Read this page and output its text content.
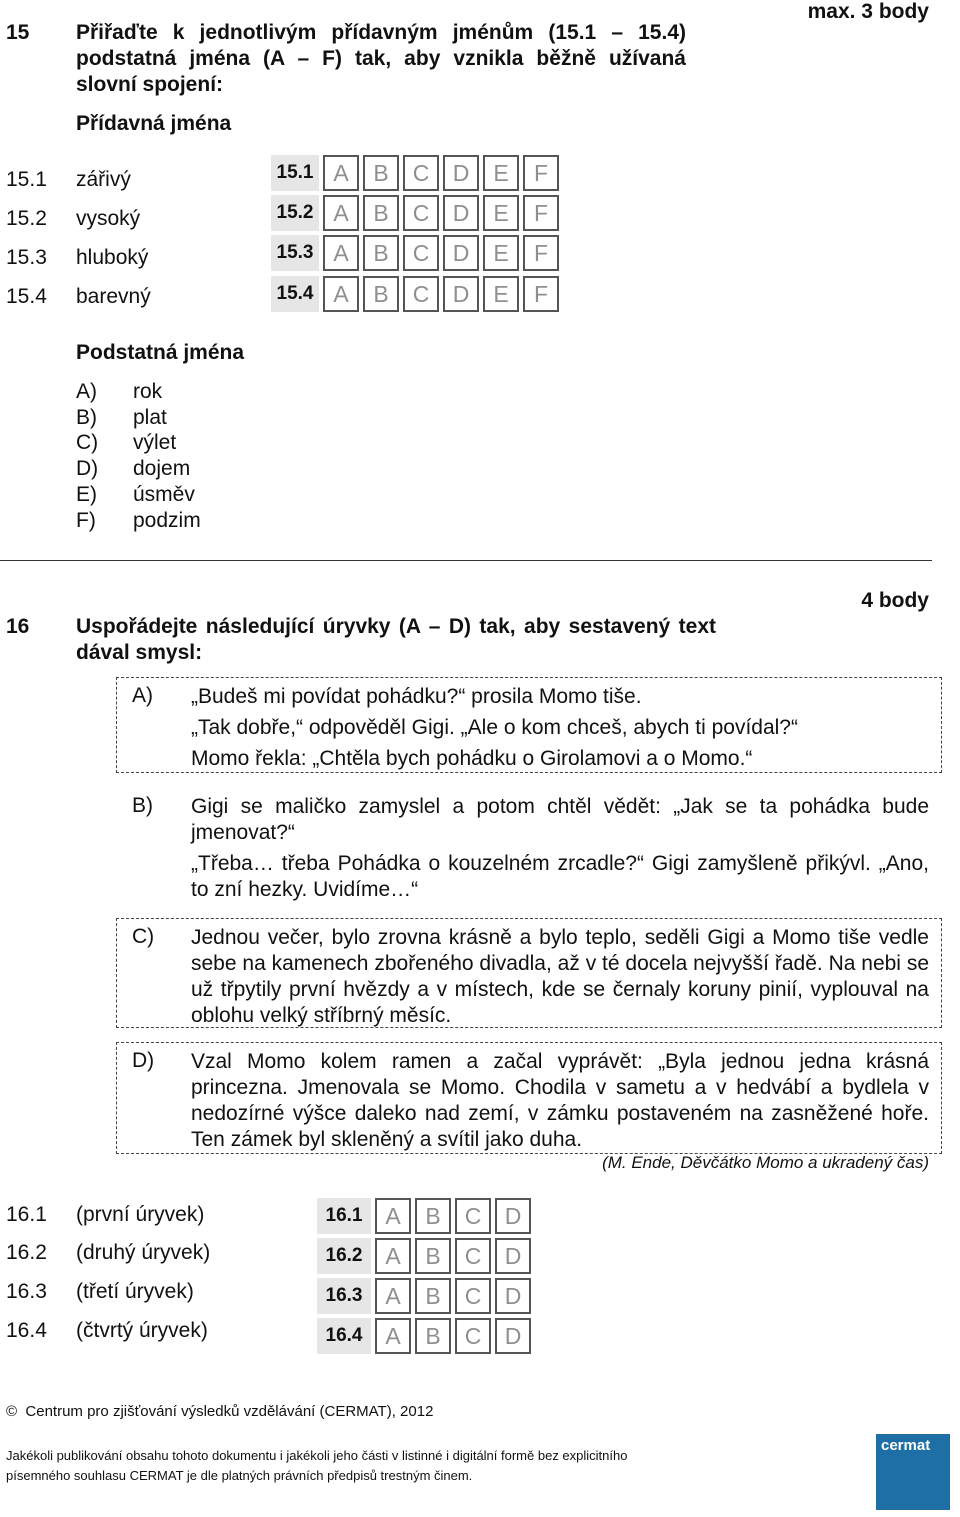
15 Přiřaďte k jednotlivým přídavným jménům (15.1 – 15.4) podstatná jména (A – F) tak, aby vznikla běžně užívaná slovní spojení:
max. 3 body
Přídavná jména
15.1 zářivý
15.2 vysoký
15.3 hluboký
15.4 barevný
15.1 A	B	C	D	E	F
15.2 A	B	C	D	E	F
15.3 A	B	C	D	E	F
15.4 A	B	C	D	E	F
Podstatná jména
A) rok
B) plat
C) výlet
D) dojem
E) úsměv
F) podzim
4 body
16 Uspořádejte následující úryvky (A – D) tak, aby sestavený text dával smysl:
A) „Budeš mi povídat pohádku?“ prosila Momo tiše.

„Tak dobře,“ odpověděl Gigi. „Ale o kom chceš, abych ti povídal?“

Momo řekla: „Chtěla bych pohádku o Girolamovi a o Momo.“

B) Gigi se maličko zamyslel a potom chtěl vědět: „Jak se ta pohádka bude jmenovat?“

„Třeba… třeba Pohádka o kouzelném zrcadle?“ Gigi zamyšleně přikývl. „Ano, to zní hezky. Uvidíme…“

C) Jednou večer, bylo zrovna krásně a bylo teplo, seděli Gigi a Momo tiše vedle sebe na kamenech zbořeného divadla, až v té docela nejvyšší řadě. Na nebi se už třpytily první hvězdy a v místech, kde se černaly koruny pinií, vyplouval na oblohu velký stříbrný měsíc.

D) Vzal Momo kolem ramen a začal vyprávět: „Byla jednou jedna krásná princezna. Jmenovala se Momo. Chodila v sametu a v hedvábí a bydlela v nedozírné výšce daleko nad zemí, v zámku postaveném na zasněžené hoře. Ten zámek byl skleněný a svítil jako duha.

(M. Ende, Děvčátko Momo a ukradený čas)
16.1 (první úryvek)
16.2 (druhý úryvek)
16.3 (třetí úryvek)
16.4 (čtvrtý úryvek)
16.1 A	B	C	D
16.2 A	B	C	D
16.3 A	B	C	D
16.4 A	B	C	D
© Centrum pro zjišťování výsledků vzdělávání (CERMAT), 2012
Jakékoli publikování obsahu tohoto dokumentu i jakékoli jeho části v listinné i digitální formě bez explicitního
písemného souhlasu CERMAT je dle platných právních předpisů trestným činem.
cermat
